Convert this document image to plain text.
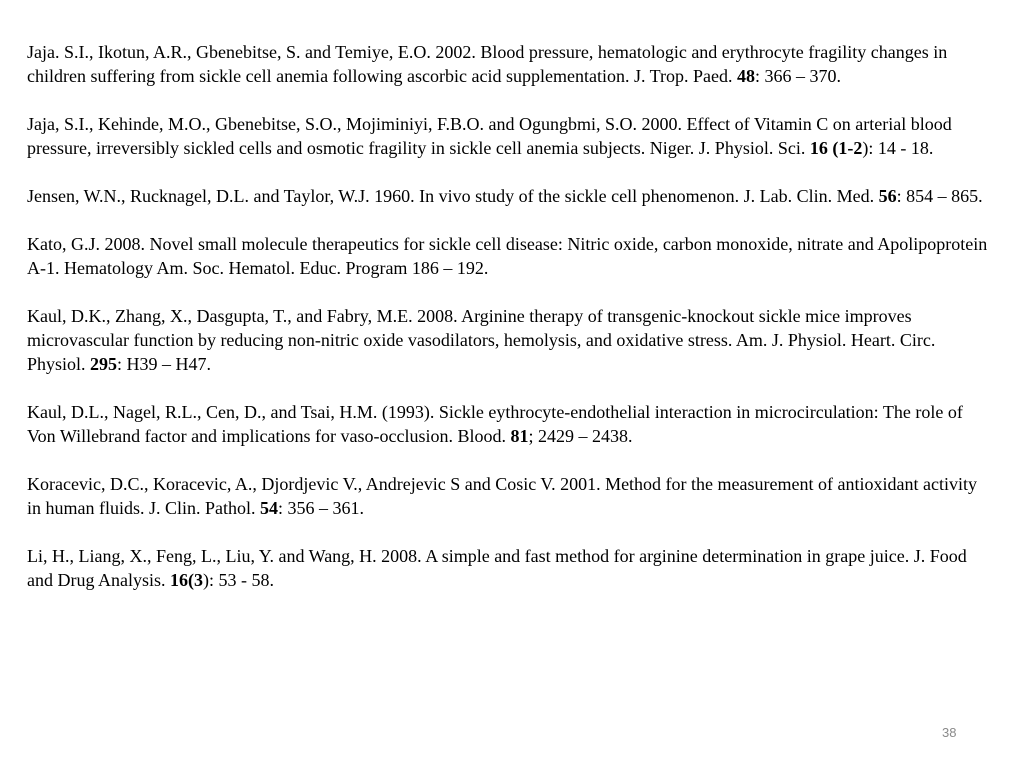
Jaja. S.I., Ikotun, A.R., Gbenebitse, S. and Temiye, E.O. 2002. Blood pressure, hematologic and erythrocyte fragility changes in children suffering from sickle cell anemia following ascorbic acid supplementation. J. Trop. Paed. 48: 366 – 370.

Jaja, S.I., Kehinde, M.O., Gbenebitse, S.O., Mojiminiyi, F.B.O. and Ogungbmi, S.O. 2000. Effect of Vitamin C on arterial blood pressure, irreversibly sickled cells and osmotic fragility in sickle cell anemia subjects. Niger. J. Physiol. Sci. 16 (1-2): 14 - 18.

Jensen, W.N., Rucknagel, D.L. and Taylor, W.J. 1960. In vivo study of the sickle cell phenomenon. J. Lab. Clin. Med. 56: 854 – 865.

Kato, G.J. 2008. Novel small molecule therapeutics for sickle cell disease: Nitric oxide, carbon monoxide, nitrate and Apolipoprotein A-1. Hematology Am. Soc. Hematol. Educ. Program 186 – 192.

Kaul, D.K., Zhang, X., Dasgupta, T., and Fabry, M.E. 2008. Arginine therapy of transgenic-knockout sickle mice improves microvascular function by reducing non-nitric oxide vasodilators, hemolysis, and oxidative stress. Am. J. Physiol. Heart. Circ. Physiol. 295: H39 – H47.

Kaul, D.L., Nagel, R.L., Cen, D., and Tsai, H.M. (1993). Sickle eythrocyte-endothelial interaction in microcirculation: The role of Von Willebrand factor and implications for vaso-occlusion. Blood. 81; 2429 – 2438.

Koracevic, D.C., Koracevic, A., Djordjevic V., Andrejevic S and Cosic V. 2001. Method for the measurement of antioxidant activity in human fluids. J. Clin. Pathol. 54: 356 – 361.

Li, H., Liang, X., Feng, L., Liu, Y. and Wang, H. 2008. A simple and fast method for arginine determination in grape juice. J. Food and Drug Analysis. 16(3): 53 - 58.

38
